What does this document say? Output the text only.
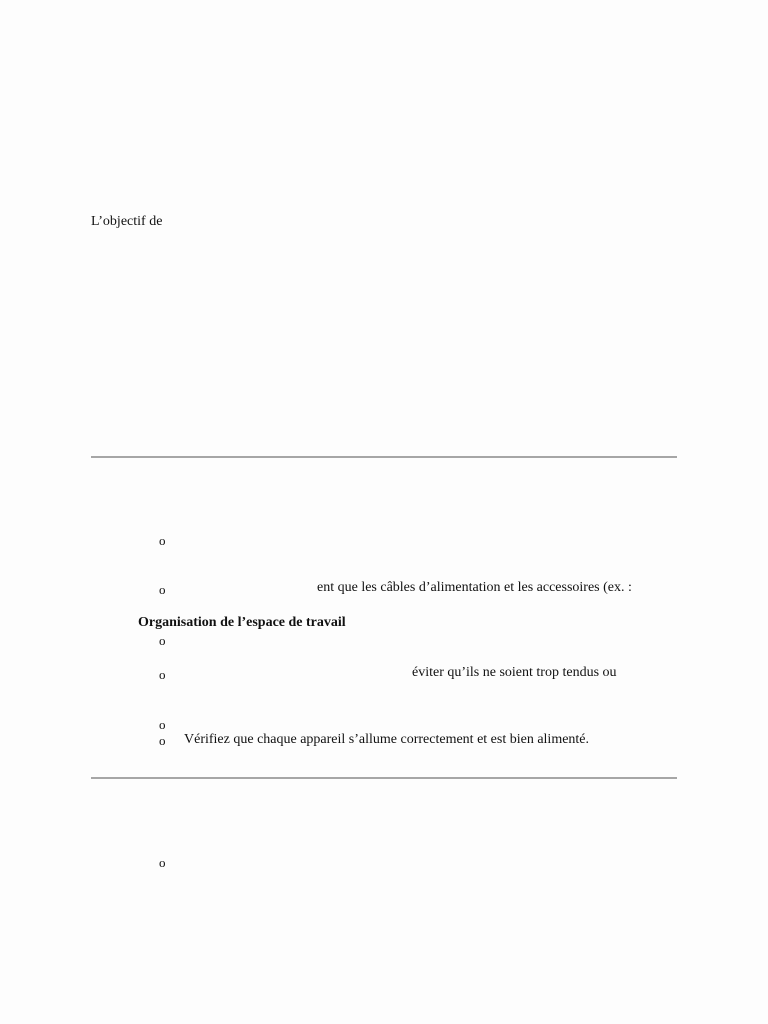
L’objectif de
o
o	ent que les câbles d’alimentation et les accessoires (ex. :
Organisation de l’espace de travail
o
o	éviter qu’ils ne soient trop tendus ou
o
o Vérifiez que chaque appareil s’allume correctement et est bien alimenté.
o
